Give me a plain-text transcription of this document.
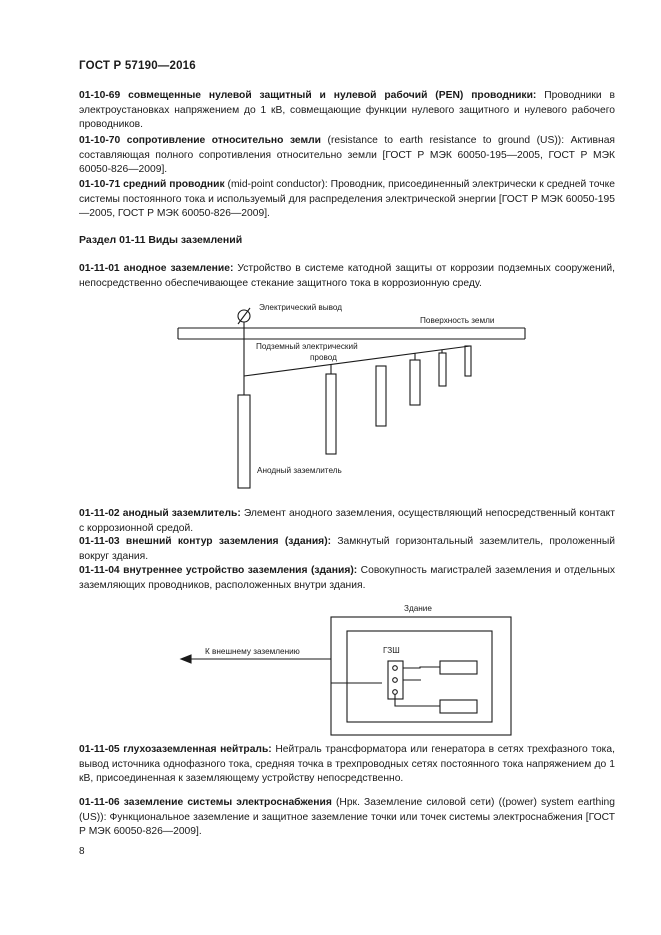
ГОСТ Р 57190—2016
01-10-69 совмещенные нулевой защитный и нулевой рабочий (PEN) проводники: Проводники в электроустановках напряжением до 1 кВ, совмещающие функции нулевого защитного и нулевого рабочего проводников.
01-10-70 сопротивление относительно земли (resistance to earth resistance to ground (US)): Активная составляющая полного сопротивления относительно земли [ГОСТ Р МЭК 60050-195—2005, ГОСТ Р МЭК 60050-826—2009].
01-10-71 средний проводник (mid-point conductor): Проводник, присоединенный электрически к средней точке системы постоянного тока и используемый для распределения электрической энергии [ГОСТ Р МЭК 60050-195—2005, ГОСТ Р МЭК 60050-826—2009].
Раздел 01-11 Виды заземлений
01-11-01 анодное заземление: Устройство в системе катодной защиты от коррозии подземных сооружений, непосредственно обеспечивающее стекание защитного тока в коррозионную среду.
Электрический вывод
Поверхность земли
Подземный электрический
провод
Анодный заземлитель
01-11-02 анодный заземлитель: Элемент анодного заземления, осуществляющий непосредственный контакт с коррозионной средой.
01-11-03 внешний контур заземления (здания): Замкнутый горизонтальный заземлитель, проложенный вокруг здания.
01-11-04 внутреннее устройство заземления (здания): Совокупность магистралей заземления и отдельных заземляющих проводников, расположенных внутри здания.
Здание
К внешнему заземлению	ГЗШ
01-11-05 глухозаземленная нейтраль: Нейтраль трансформатора или генератора в сетях трехфазного тока, вывод источника однофазного тока, средняя точка в трехпроводных сетях постоянного тока напряжением до 1 кВ, присоединенная к заземляющему устройству непосредственно.
01-11-06 заземление системы электроснабжения (Нрк. Заземление силовой сети) ((power) system earthing (US)): Функциональное заземление и защитное заземление точки или точек системы электроснабжения [ГОСТ Р МЭК 60050-826—2009].
8
